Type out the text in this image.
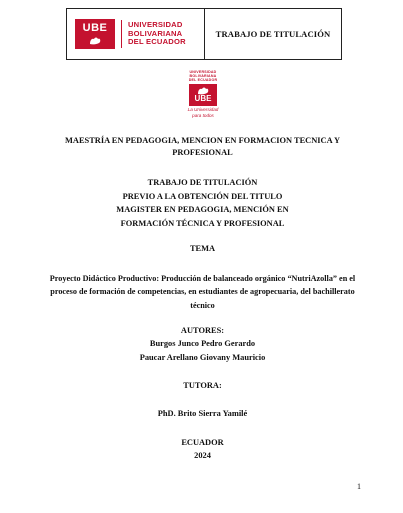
UBE	UNIVERSIDAD
BOLIVARIANA
DEL ECUADOR
TRABAJO DE TITULACIÓN
UNIVERSIDAD
BOLIVARIANA
DEL ECUADOR
UBE
La Universidad
para todos
MAESTRÍA EN PEDAGOGIA, MENCION EN FORMACION TECNICA Y
PROFESIONAL
TRABAJO DE TITULACIÓN
PREVIO A LA OBTENCIÓN DEL TITULO
MAGISTER EN PEDAGOGIA, MENCIÓN EN
FORMACIÓN TÉCNICA Y PROFESIONAL
TEMA
Proyecto Didáctico Productivo: Producción de balanceado orgánico “NutriAzolla” en el
proceso de formación de competencias, en estudiantes de agropecuaria, del bachillerato
técnico
AUTORES:
Burgos Junco Pedro Gerardo
Paucar Arellano Giovany Mauricio
TUTORA:
PhD. Brito Sierra Yamilé
ECUADOR
2024
1
